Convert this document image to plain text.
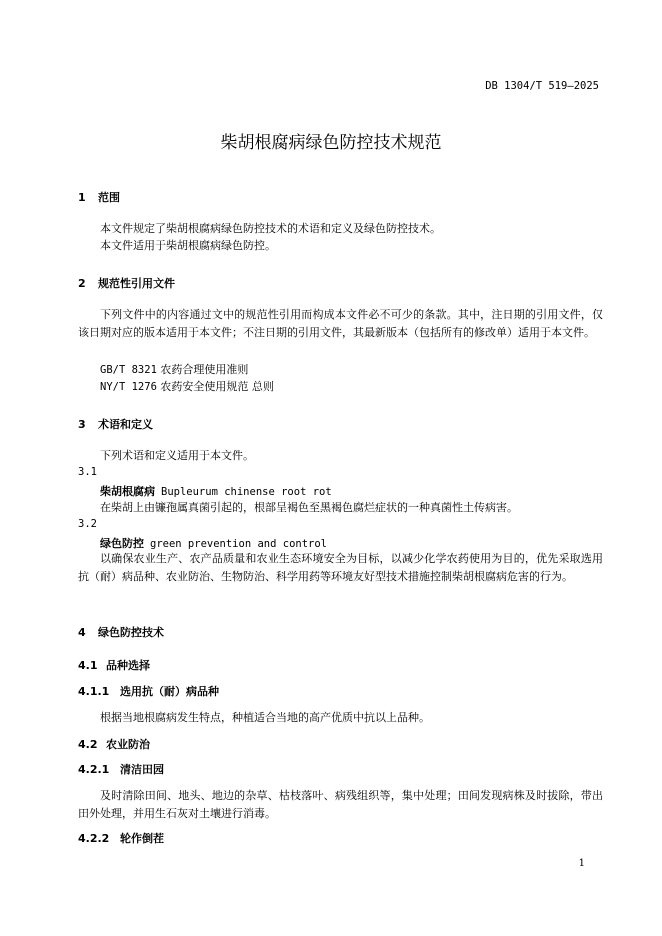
DB 1304/T 519—2025
柴胡根腐病绿色防控技术规范
1 范围
本文件规定了柴胡根腐病绿色防控技术的术语和定义及绿色防控技术。
本文件适用于柴胡根腐病绿色防控。
2 规范性引用文件
下列文件中的内容通过文中的规范性引用而构成本文件必不可少的条款。其中，注日期的引用文件，仅该日期对应的版本适用于本文件；不注日期的引用文件，其最新版本（包括所有的修改单）适用于本文件。
GB/T 8321 农药合理使用准则
NY/T 1276 农药安全使用规范 总则
3 术语和定义
下列术语和定义适用于本文件。
3.1
柴胡根腐病 Bupleurum chinense root rot
在柴胡上由镰孢属真菌引起的，根部呈褐色至黑褐色腐烂症状的一种真菌性土传病害。
3.2
绿色防控 green prevention and control
以确保农业生产、农产品质量和农业生态环境安全为目标，以减少化学农药使用为目的，优先采取选用抗（耐）病品种、农业防治、生物防治、科学用药等环境友好型技术措施控制柴胡根腐病危害的行为。
4 绿色防控技术
4.1 品种选择
4.1.1 选用抗（耐）病品种
根据当地根腐病发生特点，种植适合当地的高产优质中抗以上品种。
4.2 农业防治
4.2.1 清洁田园
及时清除田间、地头、地边的杂草、枯枝落叶、病残组织等，集中处理；田间发现病株及时拔除，带出田外处理，并用生石灰对土壤进行消毒。
4.2.2 轮作倒茬
1
